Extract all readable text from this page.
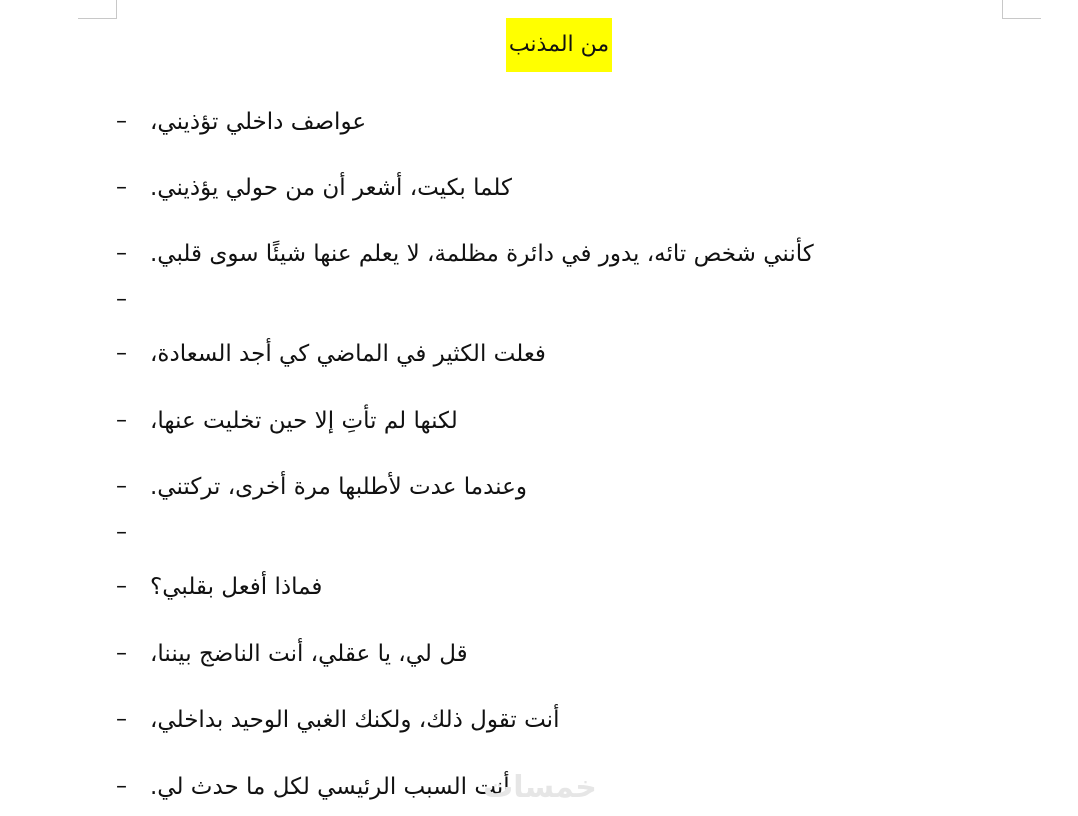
من المذنب
–	عواصف داخلي تؤذيني،
–	كلما بكيت، أشعر أن من حولي يؤذيني.
–	كأنني شخص تائه، يدور في دائرة مظلمة، لا يعلم عنها شيئًا سوى قلبي.
–
–	فعلت الكثير في الماضي كي أجد السعادة،
–	لكنها لم تأتِ إلا حين تخليت عنها،
–	وعندما عدت لأطلبها مرة أخرى، تركتني.
–
–	فماذا أفعل بقلبي؟
–	قل لي، يا عقلي، أنت الناضج بيننا،
–	أنت تقول ذلك، ولكنك الغبي الوحيد بداخلي،
–	أنت السبب الرئيسي لكل ما حدث لي.
خمسات
